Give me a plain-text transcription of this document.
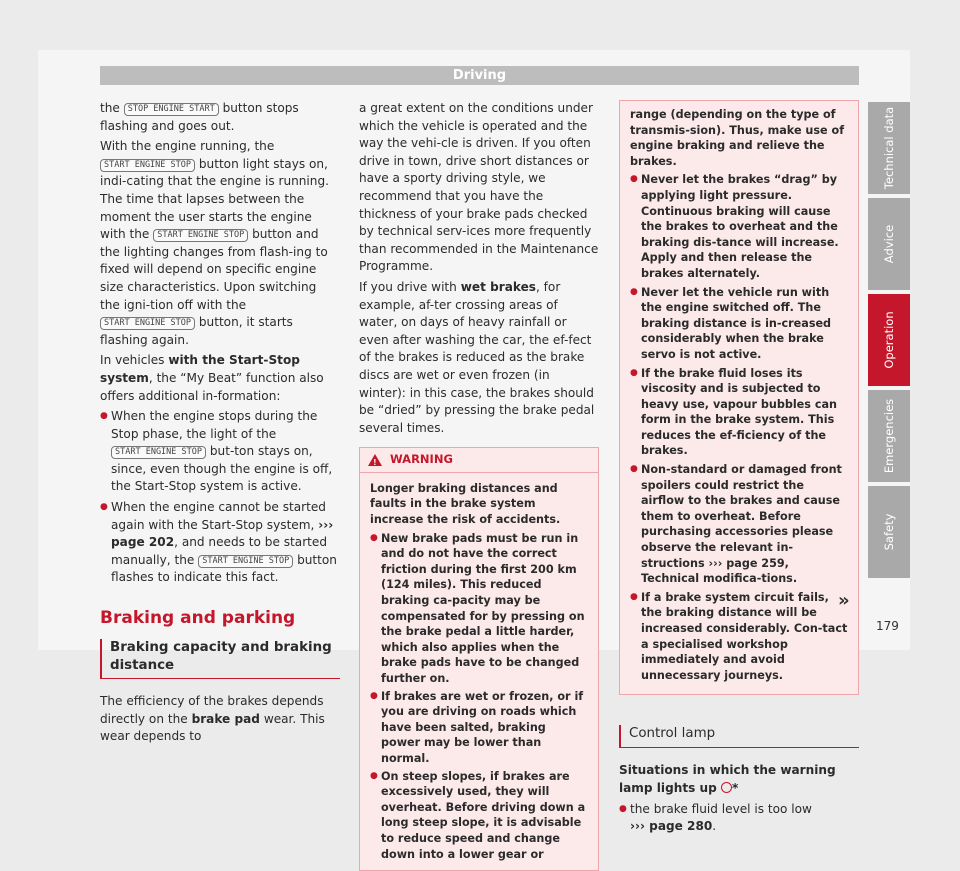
Driving

the STOP ENGINE START button stops flashing and goes out.

With the engine running, the START ENGINE STOP button light stays on, indi-cating that the engine is running. The time that lapses between the moment the user starts the engine with the START ENGINE STOP button and the lighting changes from flash-ing to fixed will depend on specific engine size characteristics. Upon switching the igni-tion off with the START ENGINE STOP button, it starts flashing again.

In vehicles with the Start-Stop system, the “My Beat” function also offers additional in-formation:

● When the engine stops during the Stop phase, the light of the START ENGINE STOP but-ton stays on, since, even though the engine is off, the Start-Stop system is active.
● When the engine cannot be started again with the Start-Stop system, ››› page 202, and needs to be started manually, the START ENGINE STOP button flashes to indicate this fact.
Braking and parking
Braking capacity and braking distance

The efficiency of the brakes depends directly on the brake pad wear. This wear depends to

a great extent on the conditions under which the vehicle is operated and the way the vehi-cle is driven. If you often drive in town, drive short distances or have a sporty driving style, we recommend that you have the thickness of your brake pads checked by technical serv-ices more frequently than recommended in the Maintenance Programme.

If you drive with wet brakes, for example, af-ter crossing areas of water, on days of heavy rainfall or even after washing the car, the ef-fect of the brakes is reduced as the brake discs are wet or even frozen (in winter): in this case, the brakes should be “dried” by pressing the brake pedal several times.

!
WARNING

Longer braking distances and faults in the brake system increase the risk of accidents.

● New brake pads must be run in and do not have the correct friction during the first 200 km (124 miles). This reduced braking ca-pacity may be compensated for by pressing on the brake pedal a little harder, which also applies when the brake pads have to be changed further on.
● If brakes are wet or frozen, or if you are driving on roads which have been salted, braking power may be lower than normal.
● On steep slopes, if brakes are excessively used, they will overheat. Before driving down a long steep slope, it is advisable to reduce speed and change down into a lower gear or

range (depending on the type of transmis-sion). Thus, make use of engine braking and relieve the brakes.

● Never let the brakes “drag” by applying light pressure. Continuous braking will cause the brakes to overheat and the braking dis-tance will increase. Apply and then release the brakes alternately.
● Never let the vehicle run with the engine switched off. The braking distance is in-creased considerably when the brake servo is not active.
● If the brake fluid loses its viscosity and is subjected to heavy use, vapour bubbles can form in the brake system. This reduces the ef-ficiency of the brakes.
● Non-standard or damaged front spoilers could restrict the airflow to the brakes and cause them to overheat. Before purchasing accessories please observe the relevant in-structions ››› page 259, Technical modifica-tions.
● If a brake system circuit fails, the braking distance will be increased considerably. Con-tact a specialised workshop immediately and avoid unnecessary journeys.
Control lamp

Situations in which the warning lamp lights up *

● the brake fluid level is too low
››› page 280.
»
179
Technical data
Advice
Operation
Emergencies
Safety
